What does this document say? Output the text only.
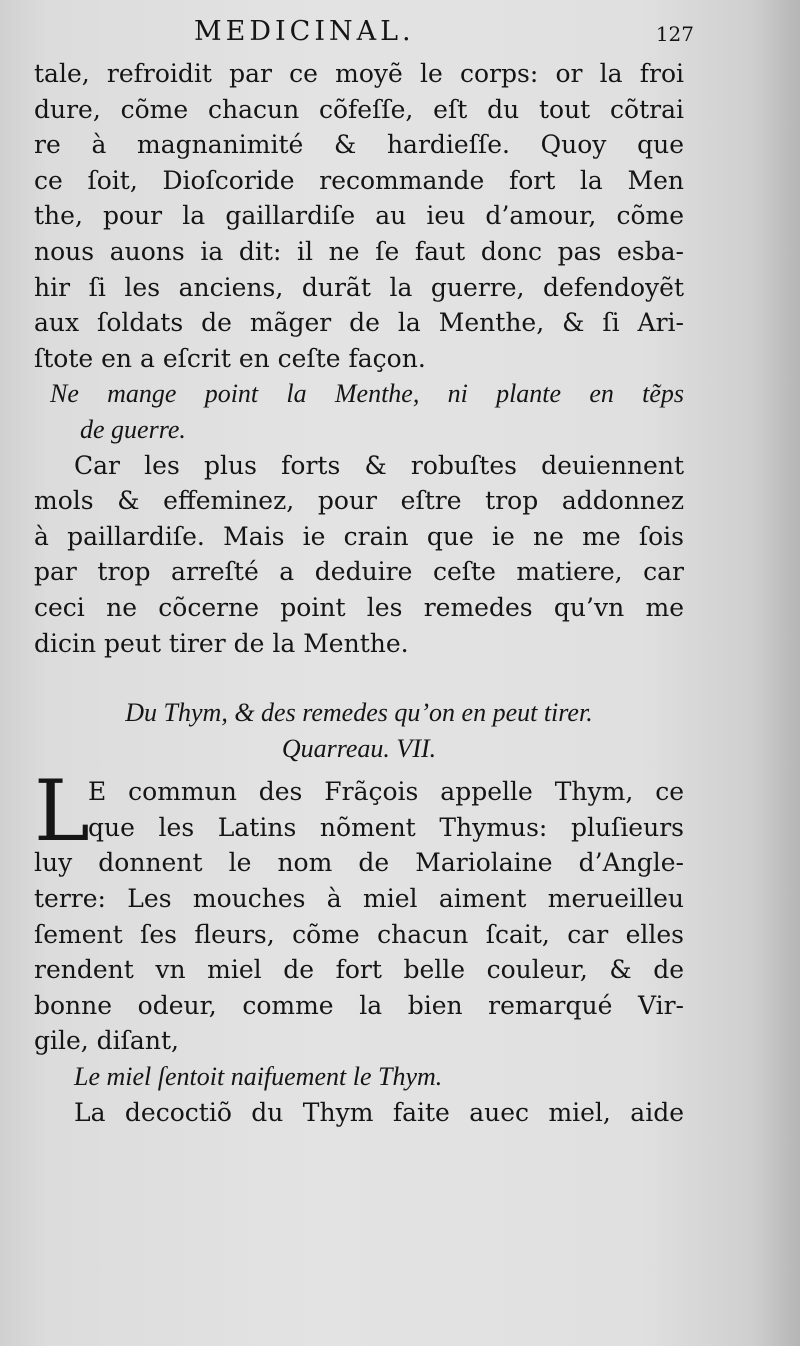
MEDICINAL.	127
tale, refroidit par ce moyẽ le corps: or la froi
dure, cõme chacun cõfeſſe, eſt du tout cõtrai
re à magnanimité & hardieſſe. Quoy que
ce ſoit, Dioſcoride recommande fort la Men
the, pour la gaillardiſe au ieu d’amour, cõme
nous auons ia dit: il ne ſe faut donc pas esba-
hir ſi les anciens, durãt la guerre, defendoyẽt
aux ſoldats de mãger de la Menthe, & ſi Ari-
ſtote en a eſcrit en ceſte façon.
Ne mange point la Menthe, ni plante en tẽps
de guerre.
Car les plus forts & robuſtes deuiennent
mols & effeminez, pour eſtre trop addonnez
à paillardiſe. Mais ie crain que ie ne me ſois
par trop arreſté a deduire ceſte matiere, car
ceci ne cõcerne point les remedes qu’vn me
dicin peut tirer de la Menthe.
Du Thym, & des remedes qu’on en peut tirer.
Quarreau. VII.
L
E commun des Frãçois appelle Thym, ce
que les Latins nõment Thymus: pluſieurs
luy donnent le nom de Mariolaine d’Angle-
terre: Les mouches à miel aiment merueilleu
ſement ſes fleurs, cõme chacun ſcait, car elles
rendent vn miel de fort belle couleur, & de
bonne odeur, comme la bien remarqué Vir-
gile, diſant,
Le miel ſentoit naifuement le Thym.
La decoctiõ du Thym faite auec miel, aide
